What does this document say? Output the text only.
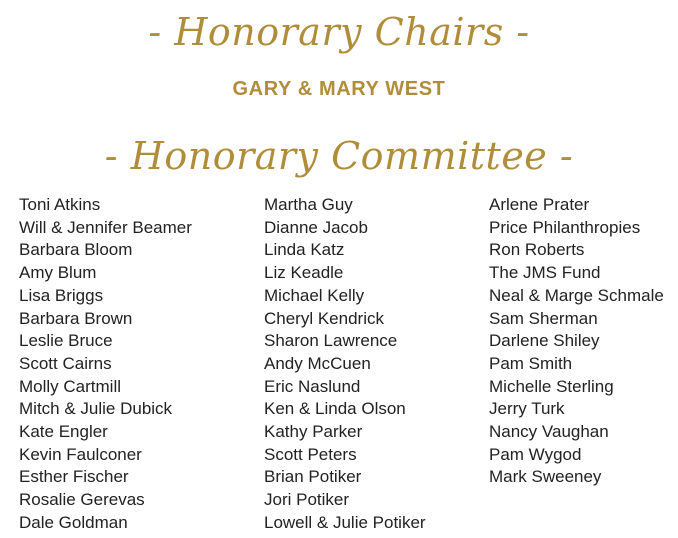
- Honorary Chairs -
GARY & MARY WEST
- Honorary Committee -
Toni Atkins
Will & Jennifer Beamer
Barbara Bloom
Amy Blum
Lisa Briggs
Barbara Brown
Leslie Bruce
Scott Cairns
Molly Cartmill
Mitch & Julie Dubick
Kate Engler
Kevin Faulconer
Esther Fischer
Rosalie Gerevas
Dale Goldman
Martha Guy
Dianne Jacob
Linda Katz
Liz Keadle
Michael Kelly
Cheryl Kendrick
Sharon Lawrence
Andy McCuen
Eric Naslund
Ken & Linda Olson
Kathy Parker
Scott Peters
Brian Potiker
Jori Potiker
Lowell & Julie Potiker
Arlene Prater
Price Philanthropies
Ron Roberts
The JMS Fund
Neal & Marge Schmale
Sam Sherman
Darlene Shiley
Pam Smith
Michelle Sterling
Jerry Turk
Nancy Vaughan
Pam Wygod
Mark Sweeney
